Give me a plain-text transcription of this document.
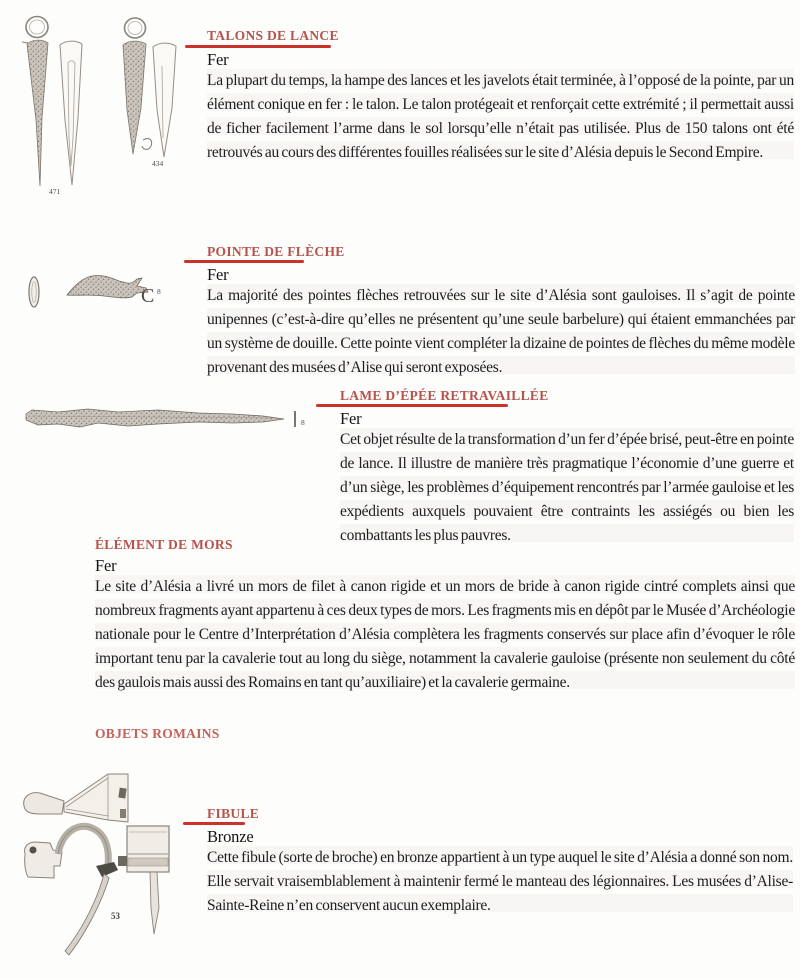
471
434
TALONS DE LANCE
Fer

La plupart du temps, la hampe des lances et les javelots était terminée, à l’opposé de la pointe, par un élément conique en fer : le talon. Le talon protégeait et renforçait cette extrémité ; il permettait aussi de ficher facilement l’arme dans le sol lorsqu’elle n’était pas utilisée. Plus de 150 talons ont été retrouvés au cours des différentes fouilles réalisées sur le site d’Alésia depuis le Second Empire.

C 8
POINTE DE FLÈCHE
Fer

La majorité des pointes flèches retrouvées sur le site d’Alésia sont gauloises. Il s’agit de pointe unipennes (c’est-à-dire qu’elles ne présentent qu’une seule barbelure) qui étaient emmanchées par un système de douille. Cette pointe vient compléter la dizaine de pointes de flèches du même modèle provenant des musées d’Alise qui seront exposées.

8
LAME D’ÉPÉE RETRAVAILLÉE
Fer

Cet objet résulte de la transformation d’un fer d’épée brisé, peut-être en pointe de lance. Il illustre de manière très pragmatique l’économie d’une guerre et d’un siège, les problèmes d’équipement rencontrés par l’armée gauloise et les expédients auxquels pouvaient être contraints les assiégés ou bien les combattants les plus pauvres.

ÉLÉMENT DE MORS
Fer

Le site d’Alésia a livré un mors de filet à canon rigide et un mors de bride à canon rigide cintré complets ainsi que nombreux fragments ayant appartenu à ces deux types de mors. Les fragments mis en dépôt par le Musée d’Archéologie nationale pour le Centre d’Interprétation d’Alésia complètera les fragments conservés sur place afin d’évoquer le rôle important tenu par la cavalerie tout au long du siège, notamment la cavalerie gauloise (présente non seulement du côté des gaulois mais aussi des Romains en tant qu’auxiliaire) et la cavalerie germaine.

OBJETS ROMAINS
53
FIBULE
Bronze

Cette fibule (sorte de broche) en bronze appartient à un type auquel le site d’Alésia a donné son nom. Elle servait vraisemblablement à maintenir fermé le manteau des légionnaires. Les musées d’Alise-Sainte-Reine n’en conservent aucun exemplaire.
